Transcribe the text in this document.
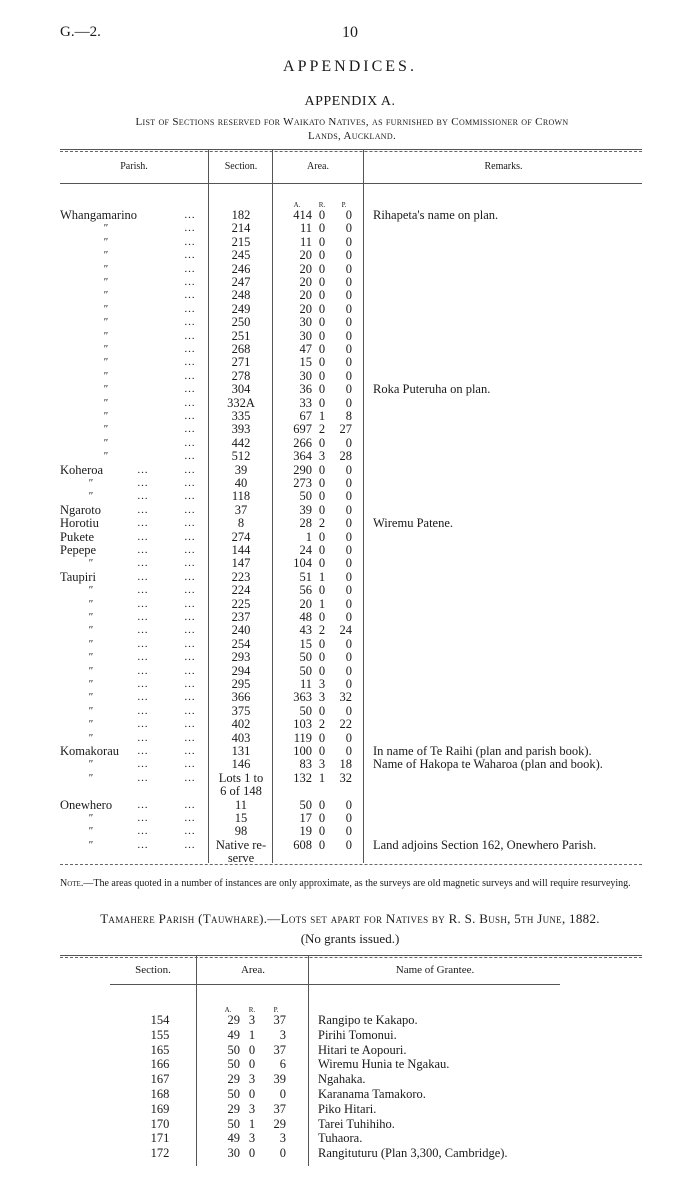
G.—2.	10
APPENDICES.
APPENDIX A.
List of Sections reserved for Waikato Natives, as furnished by Commissioner of Crown
Lands, Auckland.
Parish.	Section.	Area.	Remarks.
A.	R.	P.
Whangamarino	…	182	414 0	0 Rihapeta's name on plan.
"	…	214	11 0	0
"	…	215	11 0	0
"	…	245	20 0	0
"	…	246	20 0	0
"	…	247	20 0	0
"	…	248	20 0	0
"	…	249	20 0	0
"	…	250	30 0	0
"	…	251	30 0	0
"	…	268	47 0	0
"	…	271	15 0	0
"	…	278	30 0	0
"	…	304	36 0	0 Roka Puteruha on plan.
"	…	332A	33 0	0
"	…	335	67 1	8
"	…	393	697 2	27
"	…	442	266 0	0
"	…	512	364 3	28
Koheroa	…	…	39	290 0	0
"	…	…	40	273 0	0
"	…	…	118	50 0	0
Ngaroto	…	…	37	39 0	0
Horotiu	…	…	8	28 2	0 Wiremu Patene.
Pukete	…	…	274	1 0	0
Pepepe	…	…	144	24 0	0
"	…	…	147	104 0	0
Taupiri	…	…	223	51 1	0
"	…	…	224	56 0	0
"	…	…	225	20 1	0
"	…	…	237	48 0	0
"	…	…	240	43 2	24
"	…	…	254	15 0	0
"	…	…	293	50 0	0
"	…	…	294	50 0	0
"	…	…	295	11 3	0
"	…	…	366	363 3	32
"	…	…	375	50 0	0
"	…	…	402	103 2	22
"	…	…	403	119 0	0
Komakorau …	…	131	100 0	0 In name of Te Raihi (plan and parish book).
"	…	…	146	83 3	18 Name of Hakopa te Waharoa (plan and book).
"	…	…	Lots 1 to	132 1	32
6 of 148
Onewhero …	…	11	50 0	0
"	…	…	15	17 0	0
"	…	…	98	19 0	0
"	…	…	Native re-	608 0	0 Land adjoins Section 162, Onewhero Parish.
serve
Note.—The areas quoted in a number of instances are only approximate, as the surveys are old magnetic surveys and will require resurveying.
Tamahere Parish (Tauwhare).—Lots set apart for Natives by R. S. Bush, 5th June, 1882.
(No grants issued.)
Section.	Area.	Name of Grantee.
A.	R.	P.
154	29 3	37	Rangipo te Kakapo.
155	49 1	3	Pirihi Tomonui.
165	50 0	37	Hitari te Aopouri.
166	50 0	6	Wiremu Hunia te Ngakau.
167	29 3	39	Ngahaka.
168	50 0	0	Karanama Tamakoro.
169	29 3	37	Piko Hitari.
170	50 1	29	Tarei Tuhihiho.
171	49 3	3	Tuhaora.
172	30 0	0	Rangituturu (Plan 3,300, Cambridge).
